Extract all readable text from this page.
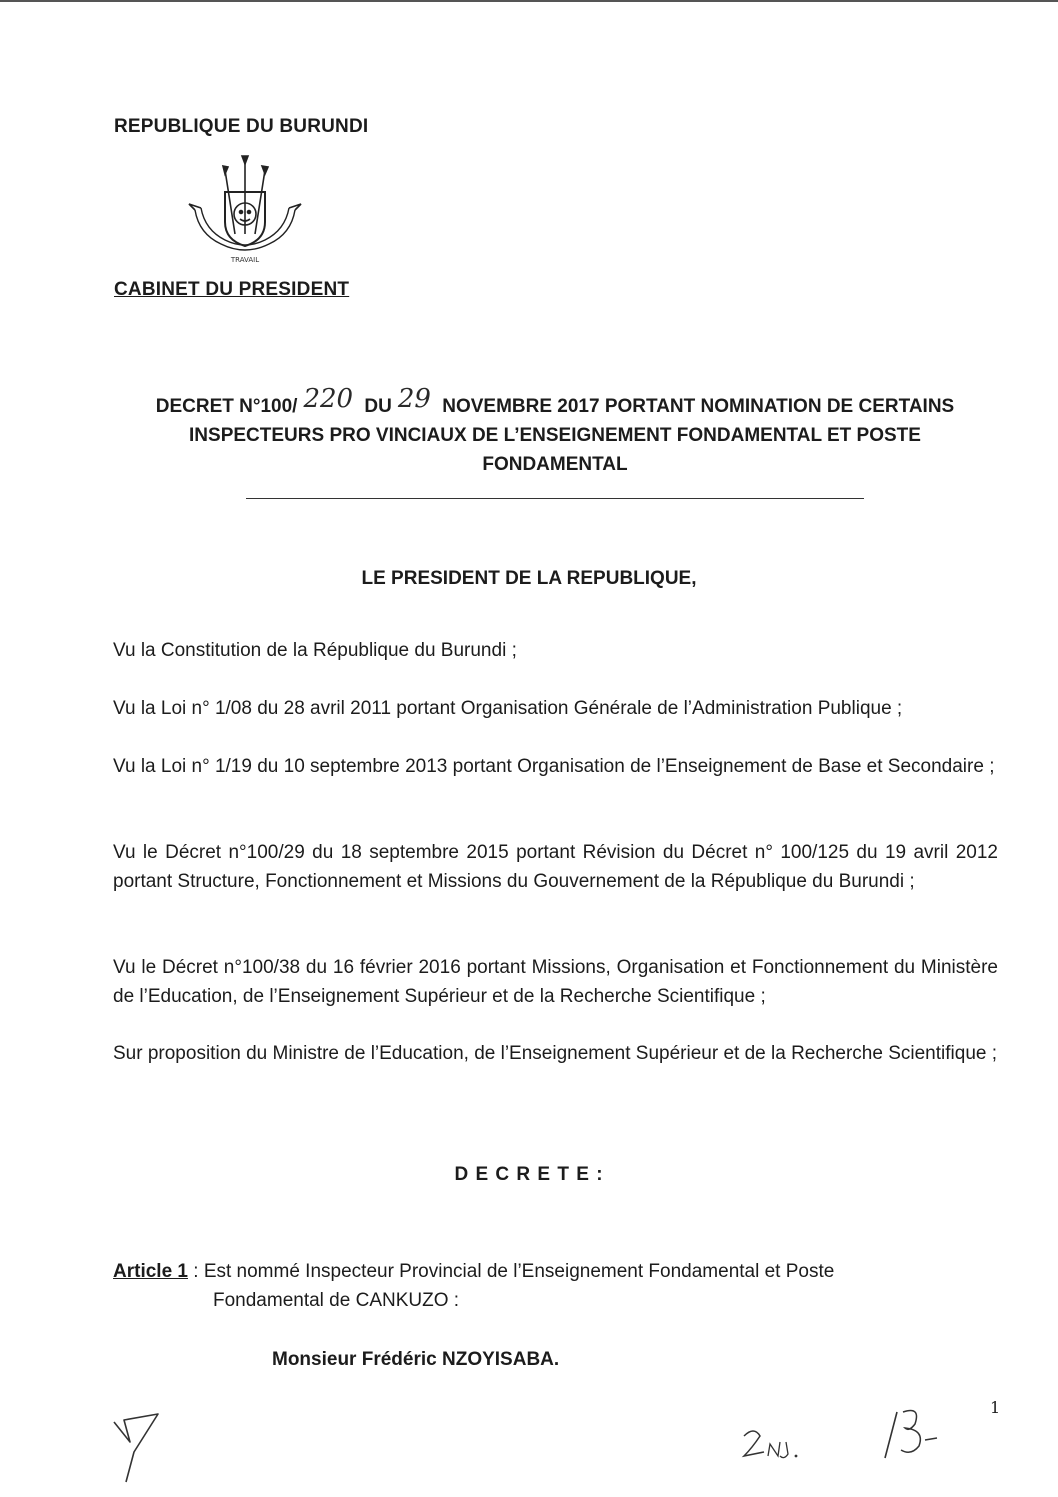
REPUBLIQUE DU BURUNDI
TRAVAIL
CABINET DU PRESIDENT
DECRET N°100/ 220 DU 29 NOVEMBRE 2017 PORTANT NOMINATION DE CERTAINS
INSPECTEURS PRO VINCIAUX DE L’ENSEIGNEMENT FONDAMENTAL ET POSTE
FONDAMENTAL
LE PRESIDENT DE LA REPUBLIQUE,
Vu la Constitution de la République du Burundi ;
Vu la Loi n° 1/08 du 28 avril 2011 portant Organisation Générale de l’Administration Publique ;
Vu la Loi n° 1/19 du 10 septembre 2013 portant Organisation de l’Enseignement de Base et Secondaire ;
Vu le Décret n°100/29 du 18 septembre 2015 portant Révision du Décret n° 100/125 du 19 avril 2012 portant Structure, Fonctionnement et Missions du Gouvernement de la République du Burundi ;
Vu le Décret n°100/38 du 16 février 2016 portant Missions, Organisation et Fonctionnement du Ministère de l’Education, de l’Enseignement Supérieur et de la Recherche Scientifique ;
Sur proposition du Ministre de l’Education, de l’Enseignement Supérieur et de la Recherche Scientifique ;
D E C R E T E :
Article 1 : Est nommé Inspecteur Provincial de l’Enseignement Fondamental et Poste
Fondamental de CANKUZO :
Monsieur Frédéric NZOYISABA.
1
